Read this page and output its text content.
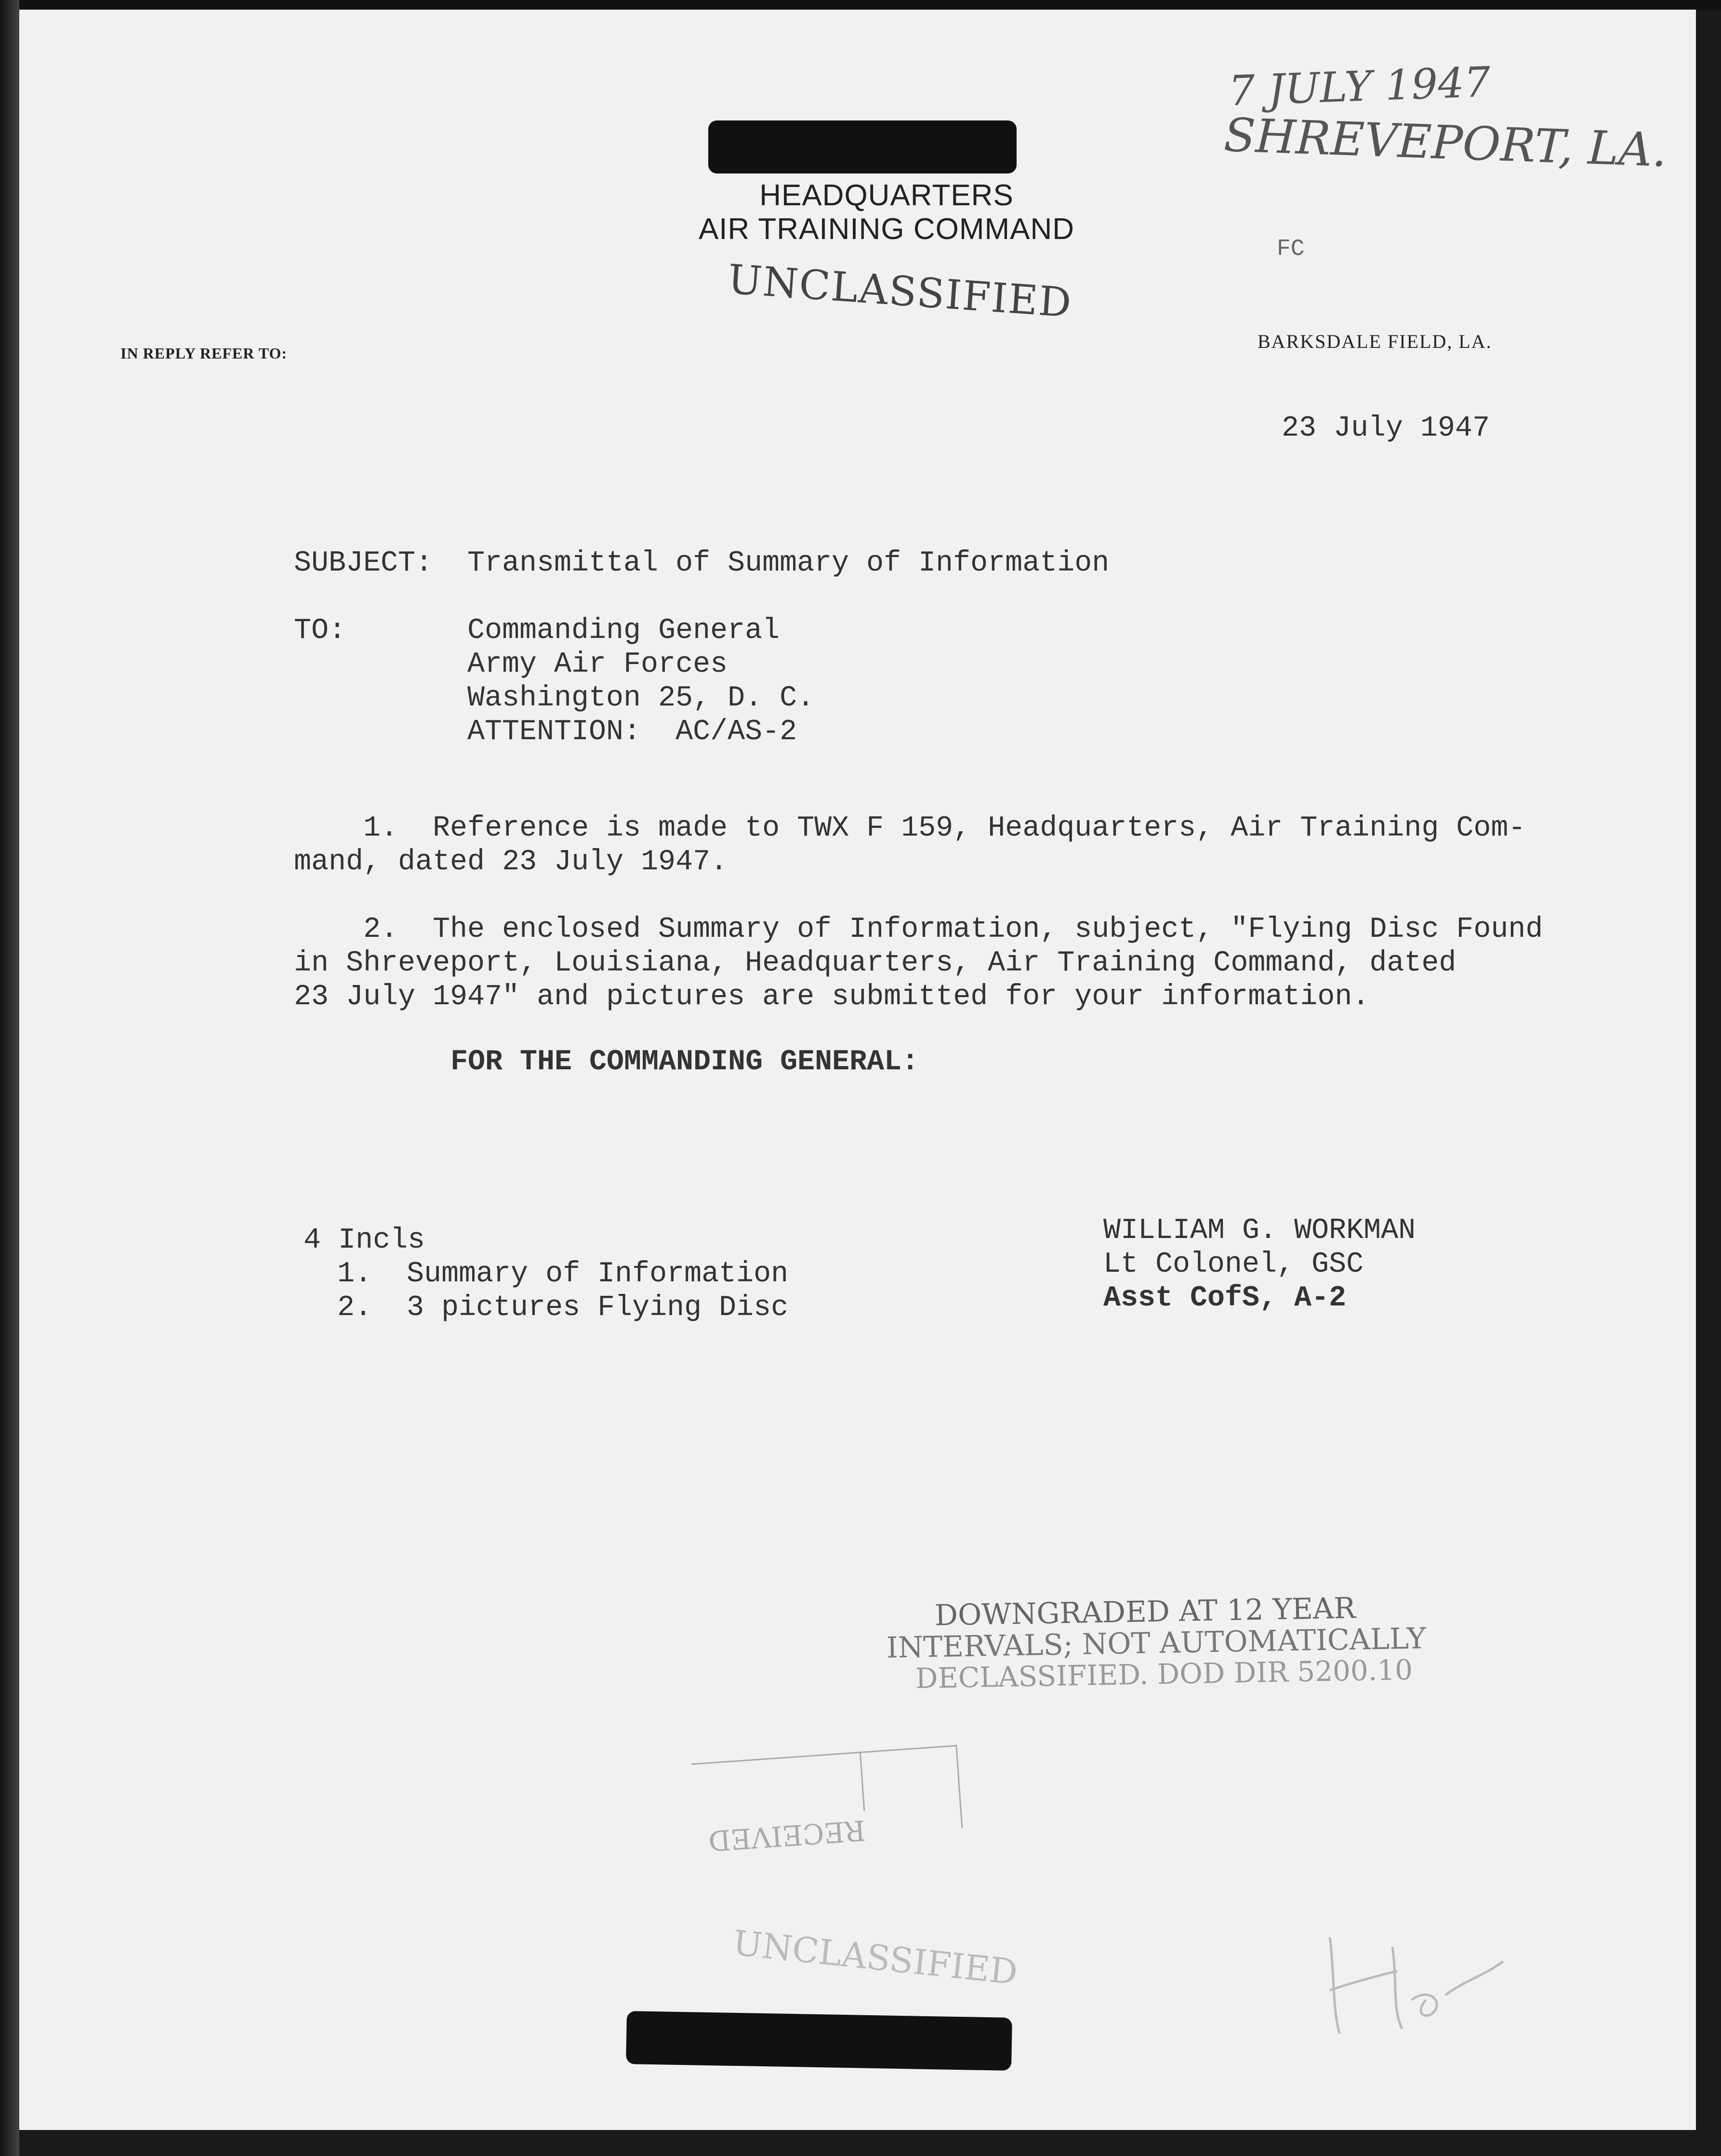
7 JULY 1947
SHREVEPORT, LA.
HEADQUARTERS
AIR TRAINING COMMAND
UNCLASSIFIED
FC
IN REPLY REFER TO:
BARKSDALE FIELD, LA.
23 July 1947
SUBJECT: Transmittal of Summary of Information
TO:	Commanding General
Army Air Forces
Washington 25, D. C.
ATTENTION:  AC/AS-2
1.  Reference is made to TWX F 159, Headquarters, Air Training Com-
mand, dated 23 July 1947.
2.  The enclosed Summary of Information, subject, "Flying Disc Found
in Shreveport, Louisiana, Headquarters, Air Training Command, dated
23 July 1947" and pictures are submitted for your information.
FOR THE COMMANDING GENERAL:
4 Incls
1.  Summary of Information
2.  3 pictures Flying Disc
WILLIAM G. WORKMAN
Lt Colonel, GSC
Asst CofS, A-2
DOWNGRADED AT 12 YEAR
INTERVALS; NOT AUTOMATICALLY
DECLASSIFIED. DOD DIR 5200.10
RECEIVED
UNCLASSIFIED
